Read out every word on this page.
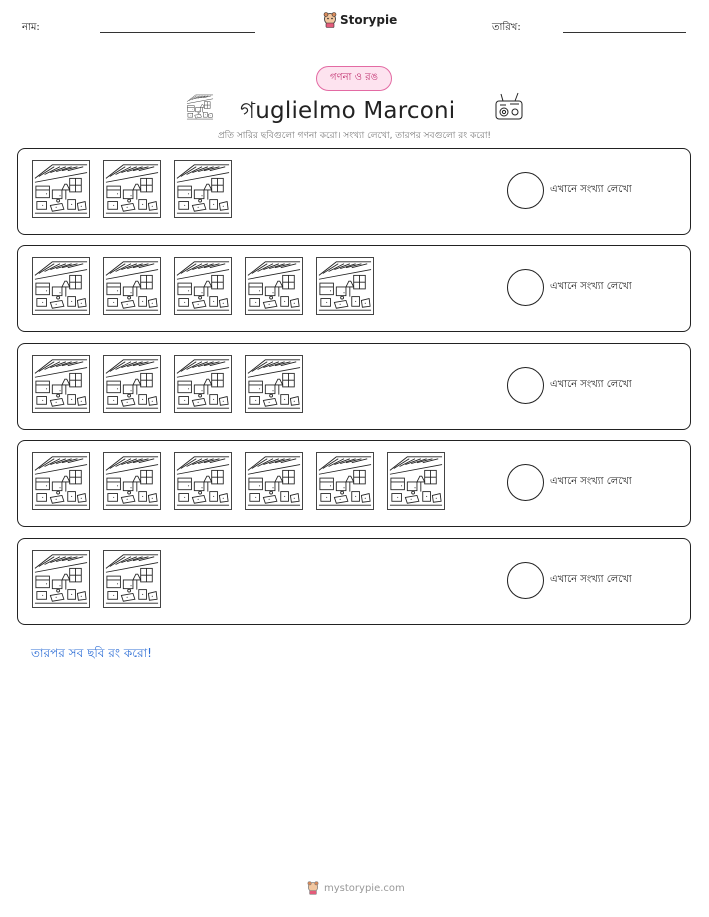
নাম:
Storypie
তারিখ:
গণনা ও রঙ
গuglielmo Marconi
প্রতি সারির ছবিগুলো গণনা করো। সংখ্যা লেখো, তারপর সবগুলো রং করো!
এখানে সংখ্যা লেখো
এখানে সংখ্যা লেখো
এখানে সংখ্যা লেখো
এখানে সংখ্যা লেখো
এখানে সংখ্যা লেখো
তারপর সব ছবি রং করো!
mystorypie.com
